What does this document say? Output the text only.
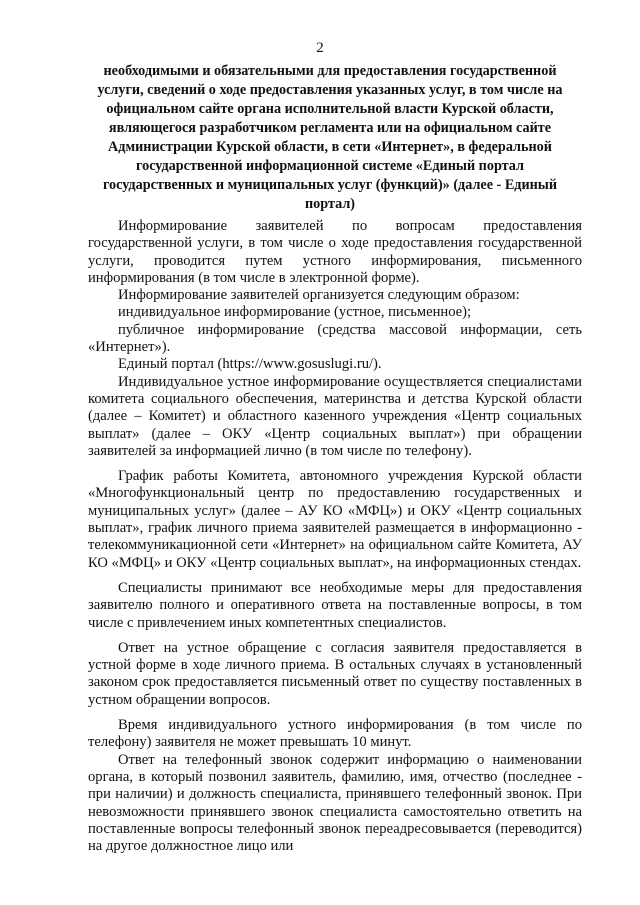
2
необходимыми и обязательными для предоставления государственной услуги, сведений о ходе предоставления указанных услуг, в том числе на официальном сайте органа исполнительной власти Курской области, являющегося разработчиком регламента или на официальном сайте Администрации Курской области, в сети «Интернет», в федеральной государственной информационной системе «Единый портал государственных и муниципальных услуг (функций)» (далее - Единый портал)

Информирование заявителей по вопросам предоставления государственной услуги, в том числе о ходе предоставления государственной услуги, проводится путем устного информирования, письменного информирования (в том числе в электронной форме).

Информирование заявителей организуется следующим образом:

индивидуальное информирование (устное, письменное);

публичное информирование (средства массовой информации, сеть «Интернет»).

Единый портал (https://www.gosuslugi.ru/).

Индивидуальное устное информирование осуществляется специалистами комитета социального обеспечения, материнства и детства Курской области (далее – Комитет) и областного казенного учреждения «Центр социальных выплат» (далее – ОКУ «Центр социальных выплат») при обращении заявителей за информацией лично (в том числе по телефону).

График работы Комитета, автономного учреждения Курской области «Многофункциональный центр по предоставлению государственных и муниципальных услуг» (далее – АУ КО «МФЦ») и ОКУ «Центр социальных выплат», график личного приема заявителей размещается в информационно - телекоммуникационной сети «Интернет» на официальном сайте Комитета, АУ КО «МФЦ» и ОКУ «Центр социальных выплат», на информационных стендах.

Специалисты принимают все необходимые меры для предоставления заявителю полного и оперативного ответа на поставленные вопросы, в том числе с привлечением иных компетентных специалистов.

Ответ на устное обращение с согласия заявителя предоставляется в устной форме в ходе личного приема. В остальных случаях в установленный законом срок предоставляется письменный ответ по существу поставленных в устном обращении вопросов.

Время индивидуального устного информирования (в том числе по телефону) заявителя не может превышать 10 минут.

Ответ на телефонный звонок содержит информацию о наименовании органа, в который позвонил заявитель, фамилию, имя, отчество (последнее - при наличии) и должность специалиста, принявшего телефонный звонок. При невозможности принявшего звонок специалиста самостоятельно ответить на поставленные вопросы телефонный звонок переадресовывается (переводится) на другое должностное лицо или
